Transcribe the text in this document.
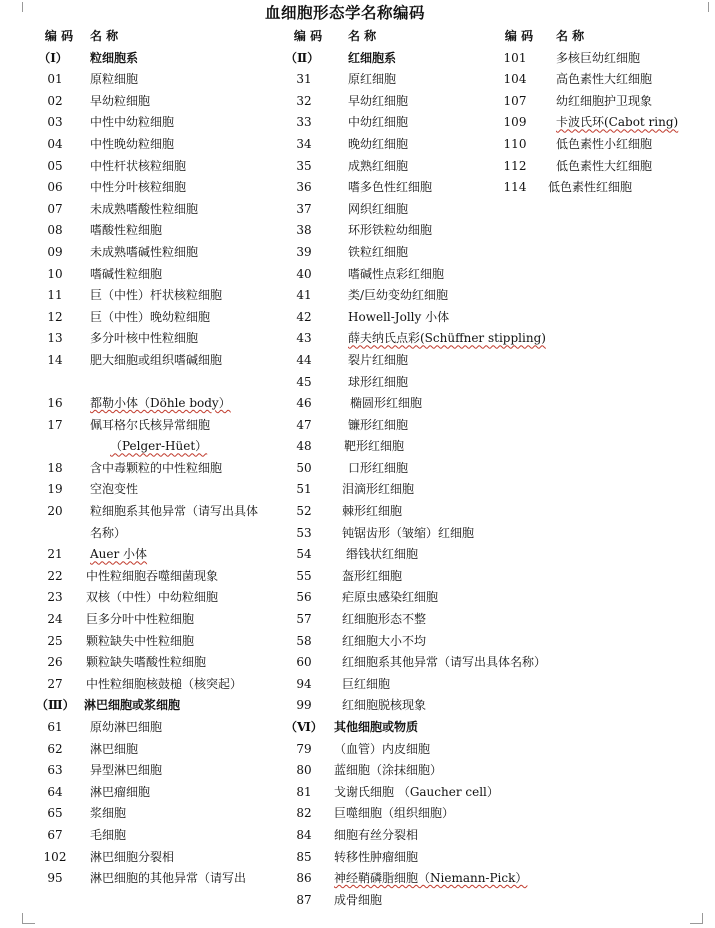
血细胞形态学名称编码
编 码 名 称
（Ⅰ） 粒细胞系
01	原粒细胞
02	早幼粒细胞
03	中性中幼粒细胞
04	中性晚幼粒细胞
05	中性杆状核粒细胞
06	中性分叶核粒细胞
07	未成熟嗜酸性粒细胞
08	嗜酸性粒细胞
09	未成熟嗜碱性粒细胞
10	嗜碱性粒细胞
11	巨（中性）杆状核粒细胞
12	巨（中性）晚幼粒细胞
13	多分叶核中性粒细胞
14	肥大细胞或组织嗜碱细胞
16	都勒小体（Döhle body）
17	佩耳格尔氏核异常细胞
（Pelger-Hüet）
18	含中毒颗粒的中性粒细胞
19	空泡变性
20	粒细胞系其他异常（请写出具体
名称）
21	Auer 小体
22	中性粒细胞吞噬细菌现象
23	双核（中性）中幼粒细胞
24	巨多分叶中性粒细胞
25	颗粒缺失中性粒细胞
26	颗粒缺失嗜酸性粒细胞
27	中性粒细胞核鼓槌（核突起）
（Ⅲ） 淋巴细胞或浆细胞
61	原幼淋巴细胞
62	淋巴细胞
63	异型淋巴细胞
64	淋巴瘤细胞
65	浆细胞
67	毛细胞
102 淋巴细胞分裂相
95	淋巴细胞的其他异常（请写出
编 码 名 称
（Ⅱ） 红细胞系
31	原红细胞
32	早幼红细胞
33	中幼红细胞
34	晚幼红细胞
35	成熟红细胞
36	嗜多色性红细胞
37	网织红细胞
38	环形铁粒幼细胞
39	铁粒红细胞
40	嗜碱性点彩红细胞
41	类/巨幼变幼红细胞
42	Howell-Jolly 小体
43	薛夫纳氏点彩(Schüffner stippling)
44	裂片红细胞
45	球形红细胞
46	椭圆形红细胞
47	镰形红细胞
48	靶形红细胞
50	口形红细胞
51	泪滴形红细胞
52	棘形红细胞
53	钝锯齿形（皱缩）红细胞
54	缗钱状红细胞
55	盔形红细胞
56	疟原虫感染红细胞
57	红细胞形态不整
58	红细胞大小不均
60	红细胞系其他异常（请写出具体名称）
94	巨红细胞
99	红细胞脱核现象
（Ⅵ） 其他细胞或物质
79	（血管）内皮细胞
80	蓝细胞（涂抹细胞）
81	戈谢氏细胞 （Gaucher cell）
82	巨噬细胞（组织细胞）
84	细胞有丝分裂相
85	转移性肿瘤细胞
86	神经鞘磷脂细胞（Niemann-Pick）
87	成骨细胞
编 码 名 称
101 多核巨幼红细胞
104 高色素性大红细胞
107 幼红细胞护卫现象
109 卡波氏环(Cabot ring)
110 低色素性小红细胞
112 低色素性大红细胞
114 低色素性红细胞
